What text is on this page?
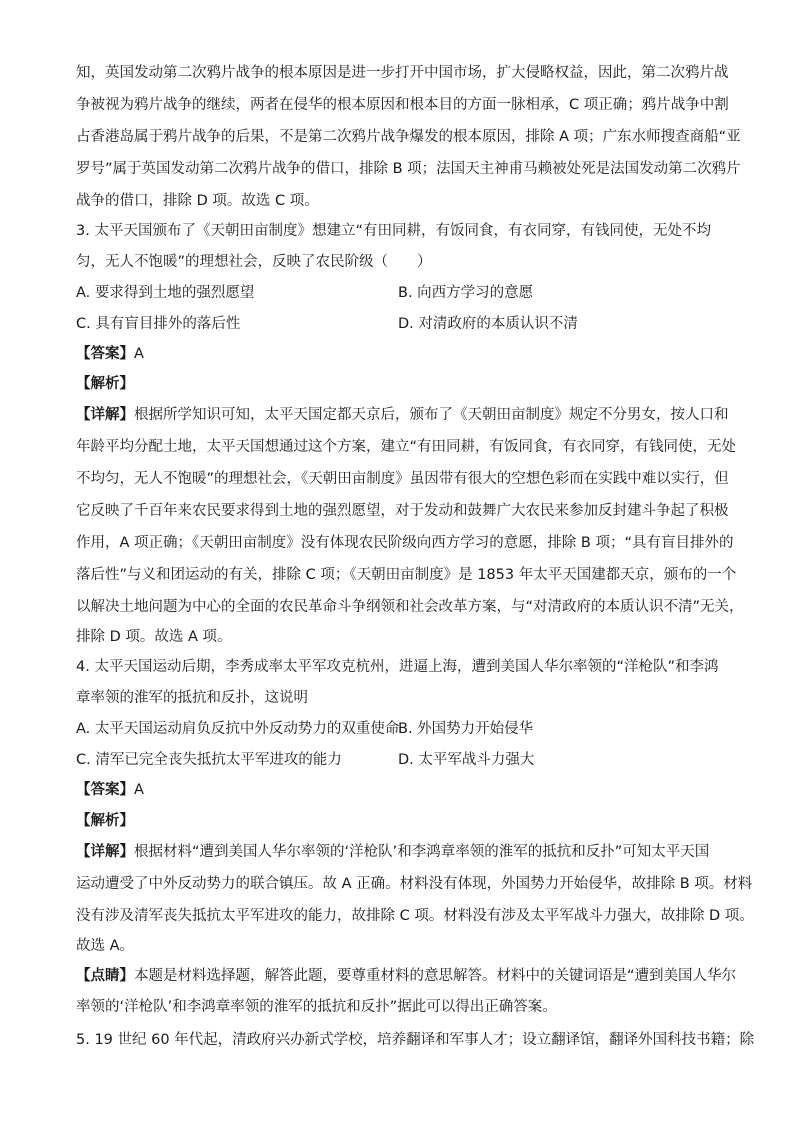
知，英国发动第二次鸦片战争的根本原因是进一步打开中国市场，扩大侵略权益，因此，第二次鸦片战
争被视为鸦片战争的继续，两者在侵华的根本原因和根本目的方面一脉相承，C 项正确；鸦片战争中割
占香港岛属于鸦片战争的后果，不是第二次鸦片战争爆发的根本原因，排除 A 项；广东水师搜查商船“亚
罗号”属于英国发动第二次鸦片战争的借口，排除 B 项；法国天主神甫马赖被处死是法国发动第二次鸦片
战争的借口，排除 D 项。故选 C 项。
3. 太平天国颁布了《天朝田亩制度》想建立“有田同耕，有饭同食，有衣同穿，有钱同使，无处不均
匀，无人不饱暖”的理想社会，反映了农民阶级（　　）
A. 要求得到土地的强烈愿望	B. 向西方学习的意愿
C. 具有盲目排外的落后性	D. 对清政府的本质认识不清
【答案】A
【解析】
【详解】根据所学知识可知，太平天国定都天京后，颁布了《天朝田亩制度》规定不分男女，按人口和
年龄平均分配土地，太平天国想通过这个方案，建立“有田同耕，有饭同食，有衣同穿，有钱同使，无处
不均匀，无人不饱暖”的理想社会，《天朝田亩制度》虽因带有很大的空想色彩而在实践中难以实行，但
它反映了千百年来农民要求得到土地的强烈愿望，对于发动和鼓舞广大农民来参加反封建斗争起了积极
作用，A 项正确；《天朝田亩制度》没有体现农民阶级向西方学习的意愿，排除 B 项；“具有盲目排外的
落后性”与义和团运动的有关，排除 C 项；《天朝田亩制度》是 1853 年太平天国建都天京，颁布的一个
以解决土地问题为中心的全面的农民革命斗争纲领和社会改革方案，与“对清政府的本质认识不清”无关，
排除 D 项。故选 A 项。
4. 太平天国运动后期，李秀成率太平军攻克杭州，进逼上海，遭到美国人华尔率领的“洋枪队”和李鸿
章率领的淮军的抵抗和反扑，这说明
A. 太平天国运动肩负反抗中外反动势力的双重使命
B. 外国势力开始侵华
C. 清军已完全丧失抵抗太平军进攻的能力	D. 太平军战斗力强大
【答案】A
【解析】
【详解】根据材料“遭到美国人华尔率领的‘洋枪队’和李鸿章率领的淮军的抵抗和反扑”可知太平天国
运动遭受了中外反动势力的联合镇压。故 A 正确。材料没有体现，外国势力开始侵华，故排除 B 项。材料
没有涉及清军丧失抵抗太平军进攻的能力，故排除 C 项。材料没有涉及太平军战斗力强大，故排除 D 项。
故选 A。
【点睛】本题是材料选择题，解答此题，要尊重材料的意思解答。材料中的关键词语是“遭到美国人华尔
率领的‘洋枪队’和李鸿章率领的淮军的抵抗和反扑”据此可以得出正确答案。
5. 19 世纪 60 年代起，清政府兴办新式学校，培养翻译和军事人才；设立翻译馆，翻译外国科技书籍；除
